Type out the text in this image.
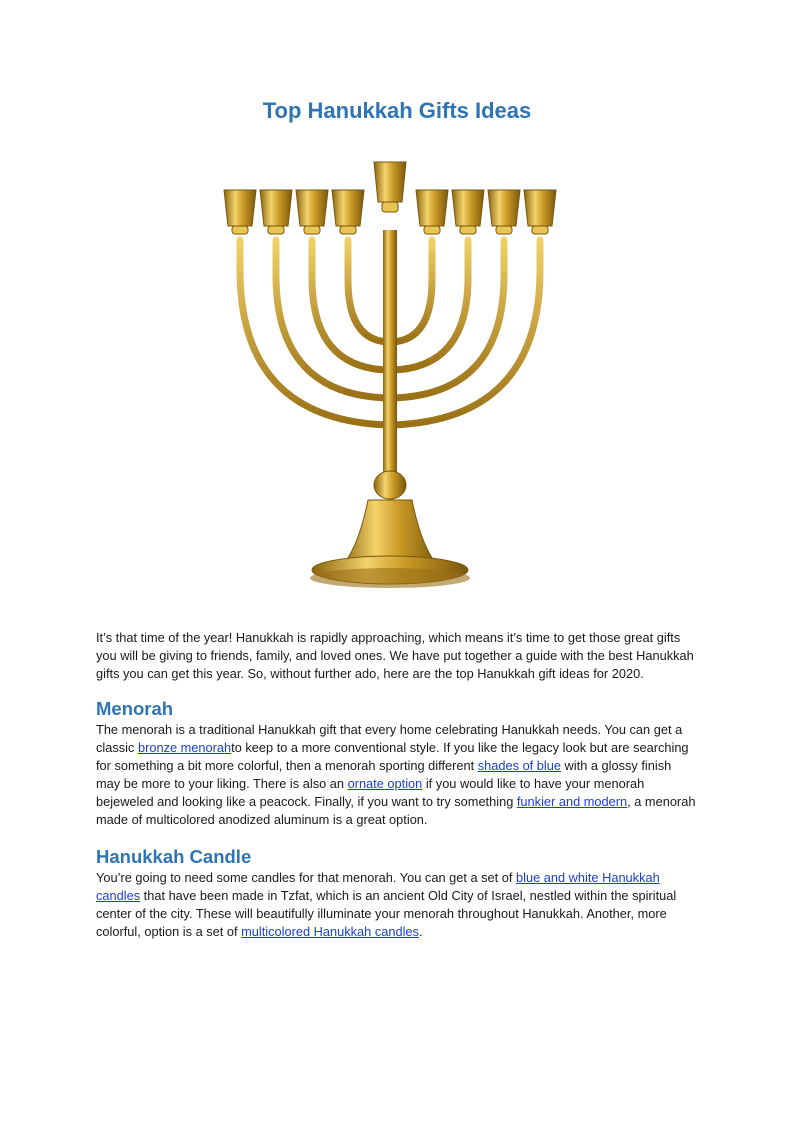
Top Hanukkah Gifts Ideas

It’s that time of the year! Hanukkah is rapidly approaching, which means it’s time to get those great gifts you will be giving to friends, family, and loved ones. We have put together a guide with the best Hanukkah gifts you can get this year. So, without further ado, here are the top Hanukkah gift ideas for 2020.

Menorah

The menorah is a traditional Hanukkah gift that every home celebrating Hanukkah needs. You can get a classic bronze menorahto keep to a more conventional style. If you like the legacy look but are searching for something a bit more colorful, then a menorah sporting different shades of blue with a glossy finish may be more to your liking. There is also an ornate option if you would like to have your menorah bejeweled and looking like a peacock. Finally, if you want to try something funkier and modern, a menorah made of multicolored anodized aluminum is a great option.

Hanukkah Candle

You’re going to need some candles for that menorah. You can get a set of blue and white Hanukkah candles that have been made in Tzfat, which is an ancient Old City of Israel, nestled within the spiritual center of the city. These will beautifully illuminate your menorah throughout Hanukkah. Another, more colorful, option is a set of multicolored Hanukkah candles.
